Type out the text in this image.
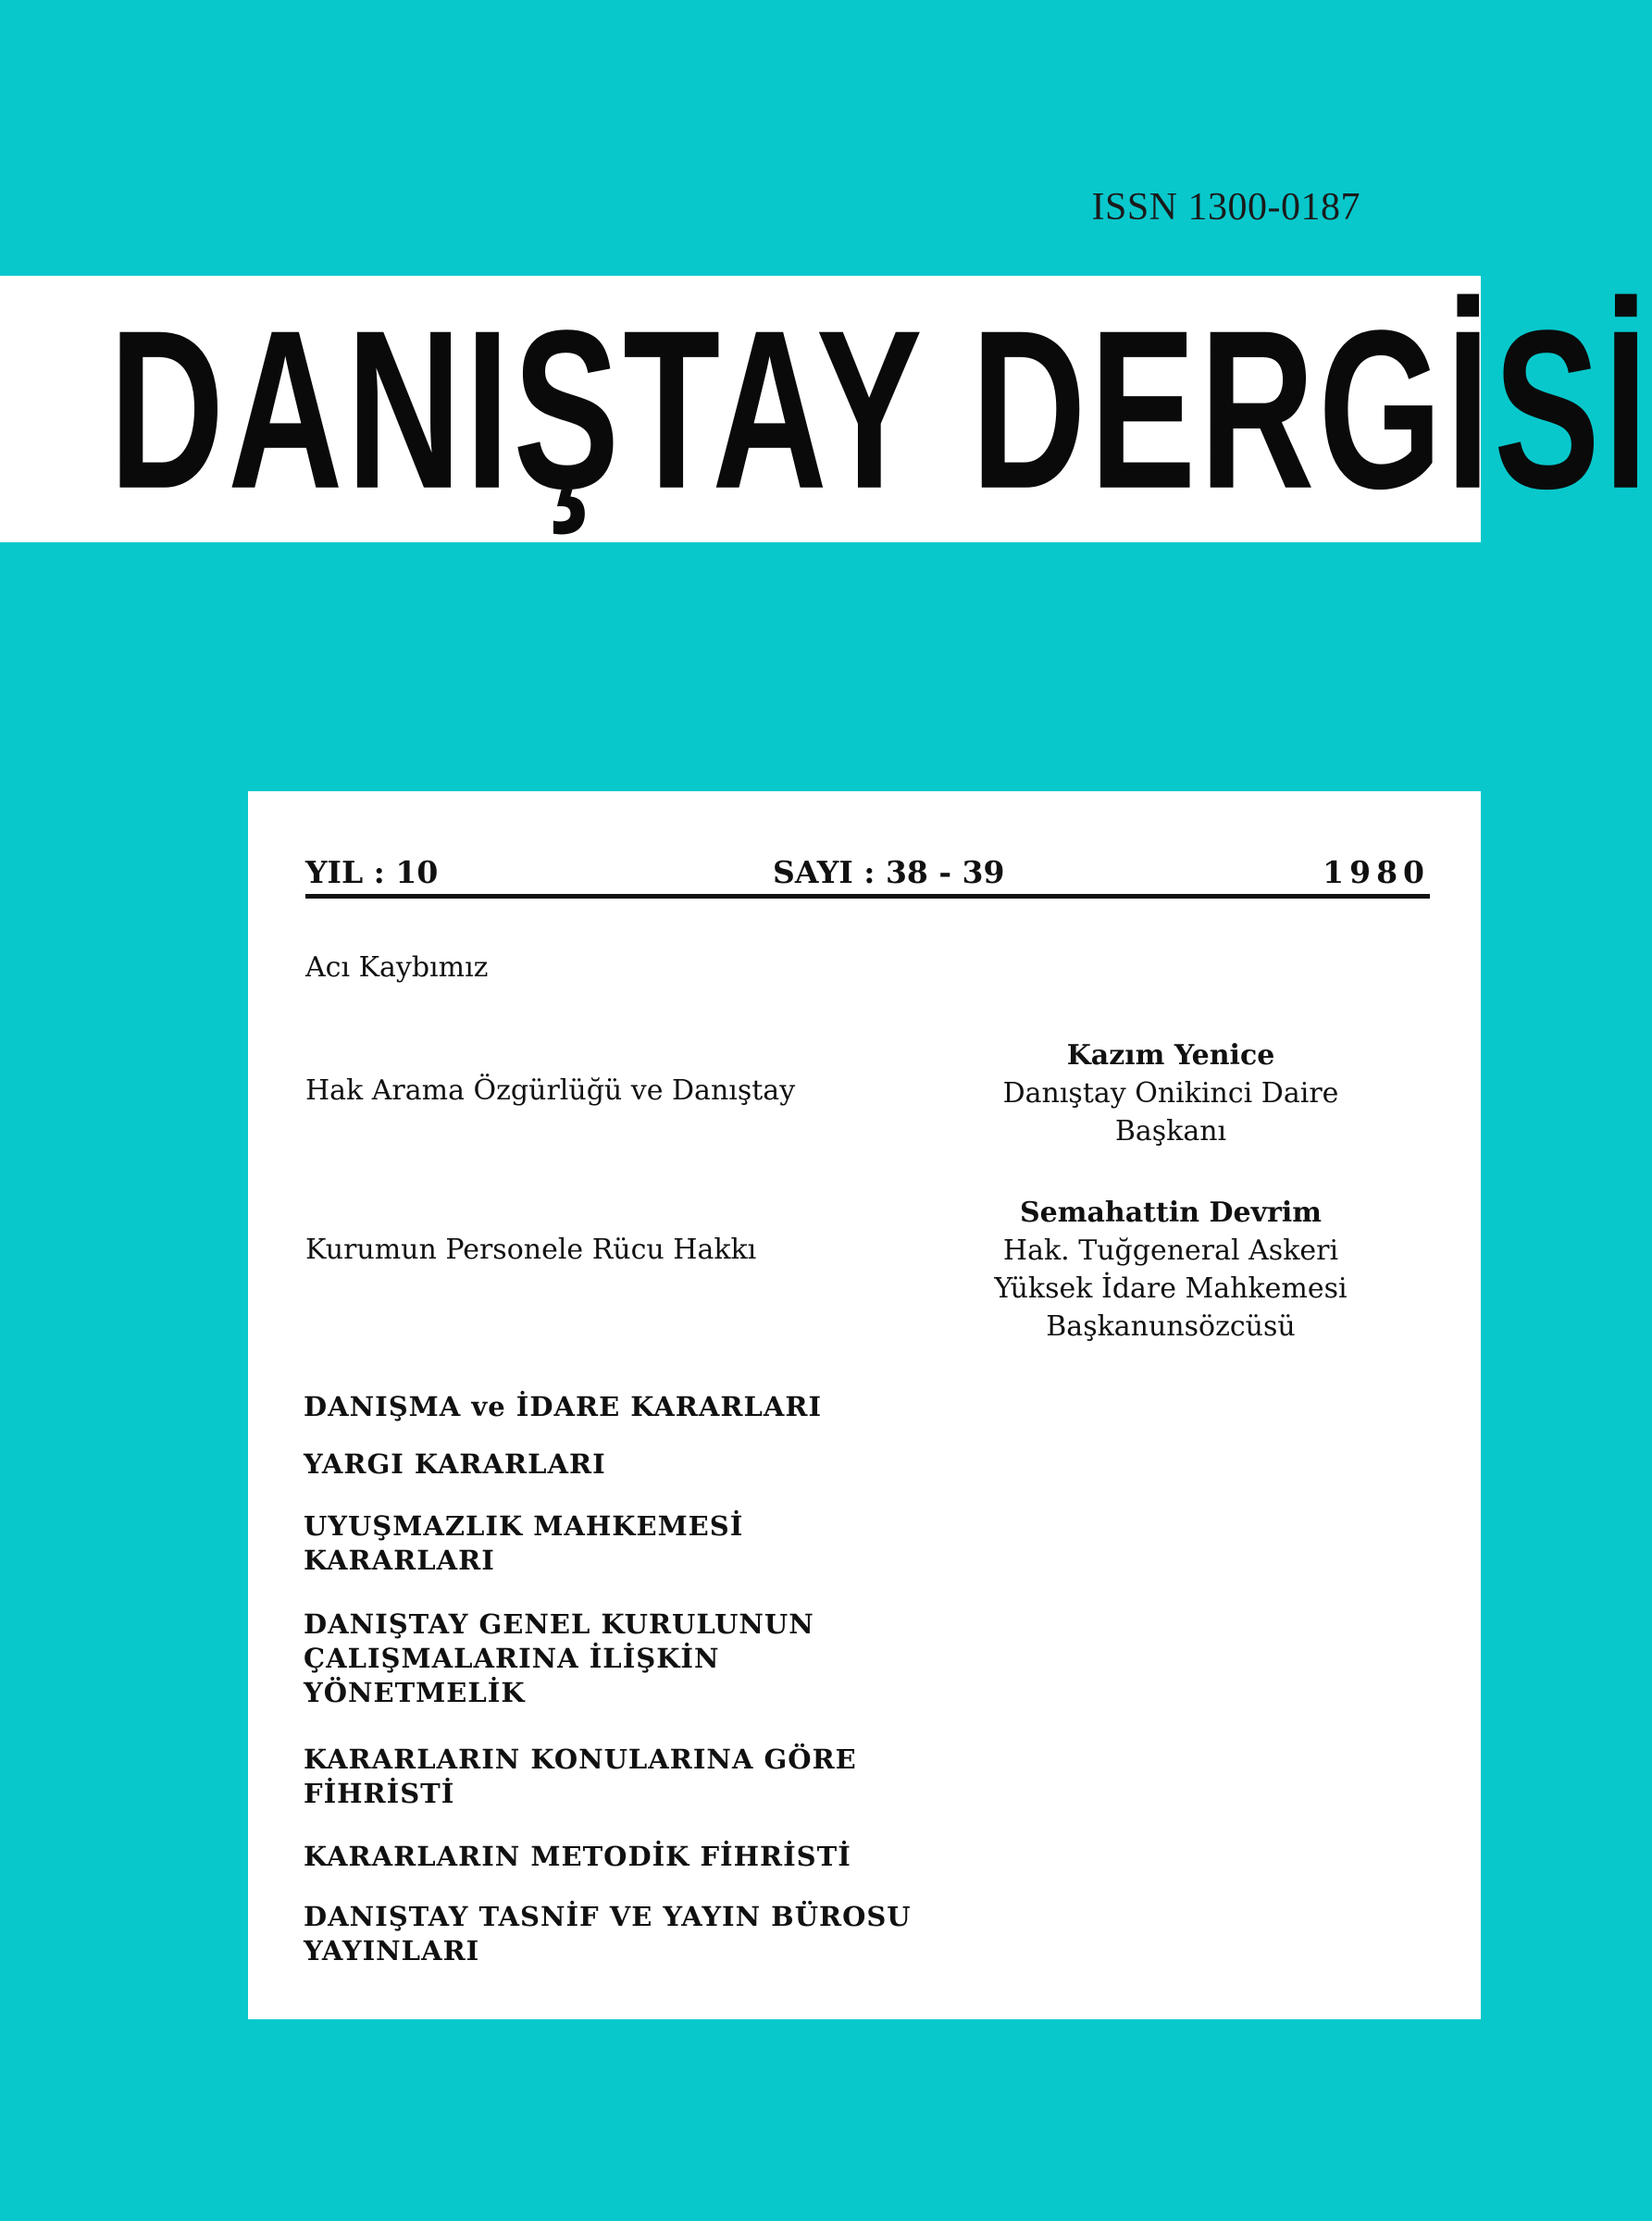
ISSN 1300-0187
DANIŞTAY DERGİSİ
YIL : 10	SAYI : 38 - 39	1980
Acı Kaybımız
Hak Arama Özgürlüğü ve Danıştay
Kazım Yenice
Danıştay Onikinci Daire
Başkanı
Kurumun Personele Rücu Hakkı
Semahattin Devrim
Hak. Tuğgeneral Askeri
Yüksek İdare Mahkemesi
Başkanunsözcüsü
DANIŞMA ve İDARE KARARLARI
YARGI KARARLARI
UYUŞMAZLIK MAHKEMESİ KARARLARI
DANIŞTAY GENEL KURULUNUN ÇALIŞMALARINA İLİŞKİN YÖNETMELİK
KARARLARIN KONULARINA GÖRE FİHRİSTİ
KARARLARIN METODİK FİHRİSTİ
DANIŞTAY TASNİF VE YAYIN BÜROSU YAYINLARI
